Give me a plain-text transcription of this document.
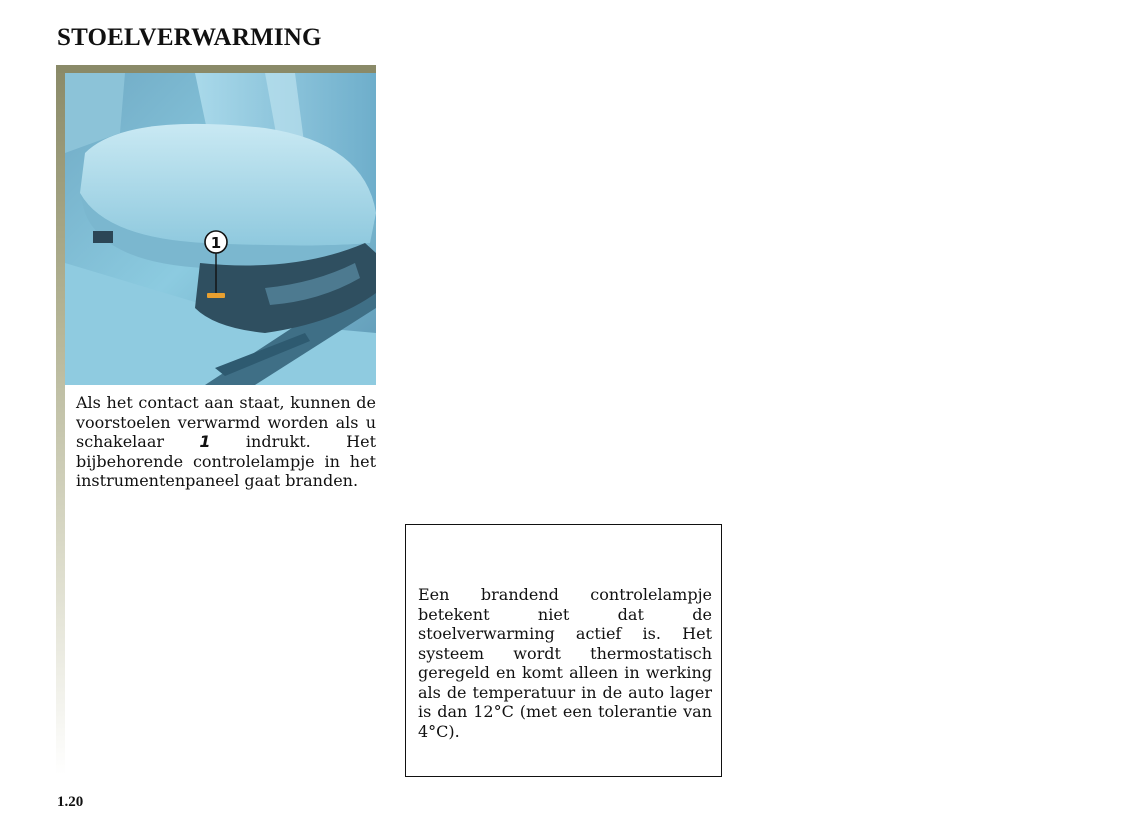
STOELVERWARMING
1
Als het contact aan staat, kunnen de voorstoelen verwarmd worden als u schakelaar 1 indrukt. Het bijbehorende controlelampje in het instrumentenpaneel gaat branden.
Een brandend controlelampje betekent niet dat de stoelverwarming actief is. Het systeem wordt thermostatisch geregeld en komt alleen in werking als de temperatuur in de auto lager is dan 12°C (met een tolerantie van 4°C).
1.20
